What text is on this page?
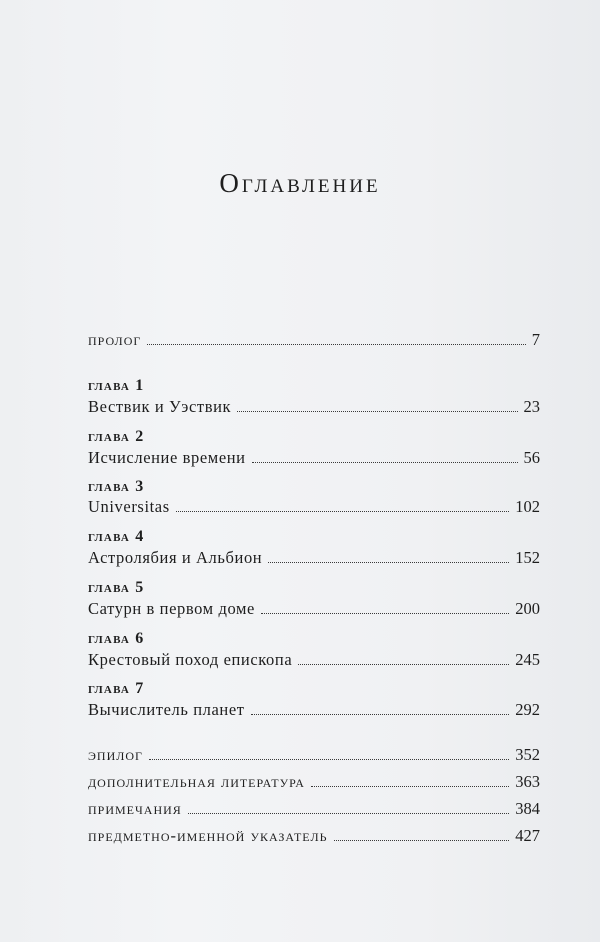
Оглавление
пролог	7
глава 1
Вествик и Уэствик	23
глава 2
Исчисление времени	56
глава 3
Universitas	102
глава 4
Астролябия и Альбион	152
глава 5
Сатурн в первом доме	200
глава 6
Крестовый поход епископа	245
глава 7
Вычислитель планет	292
эпилог	352
дополнительная литература	363
примечания	384
предметно-именной указатель	427
